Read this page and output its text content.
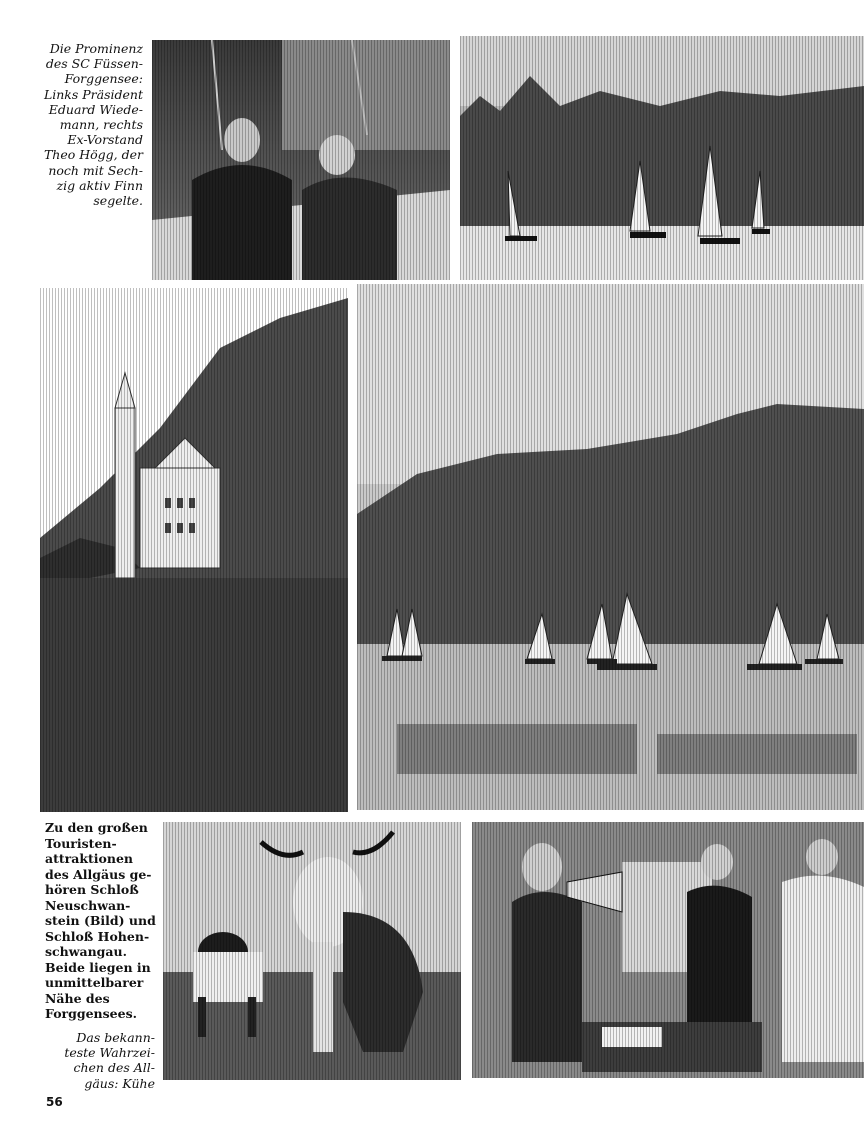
Die Prominenz
des SC Füssen-
Forggensee:
Links Präsident
Eduard Wiede-
mann, rechts
Ex-Vorstand
Theo Högg, der
noch mit Sech-
zig aktiv Finn
segelte.
Zu den großen
Touristen-
attraktionen
des Allgäus ge-
hören Schloß
Neuschwan-
stein (Bild) und
Schloß Hohen-
schwangau.
Beide liegen in
unmittelbarer
Nähe des
Forggensees.
Das bekann-
teste Wahrzei-
chen des All-
gäus: Kühe
56
